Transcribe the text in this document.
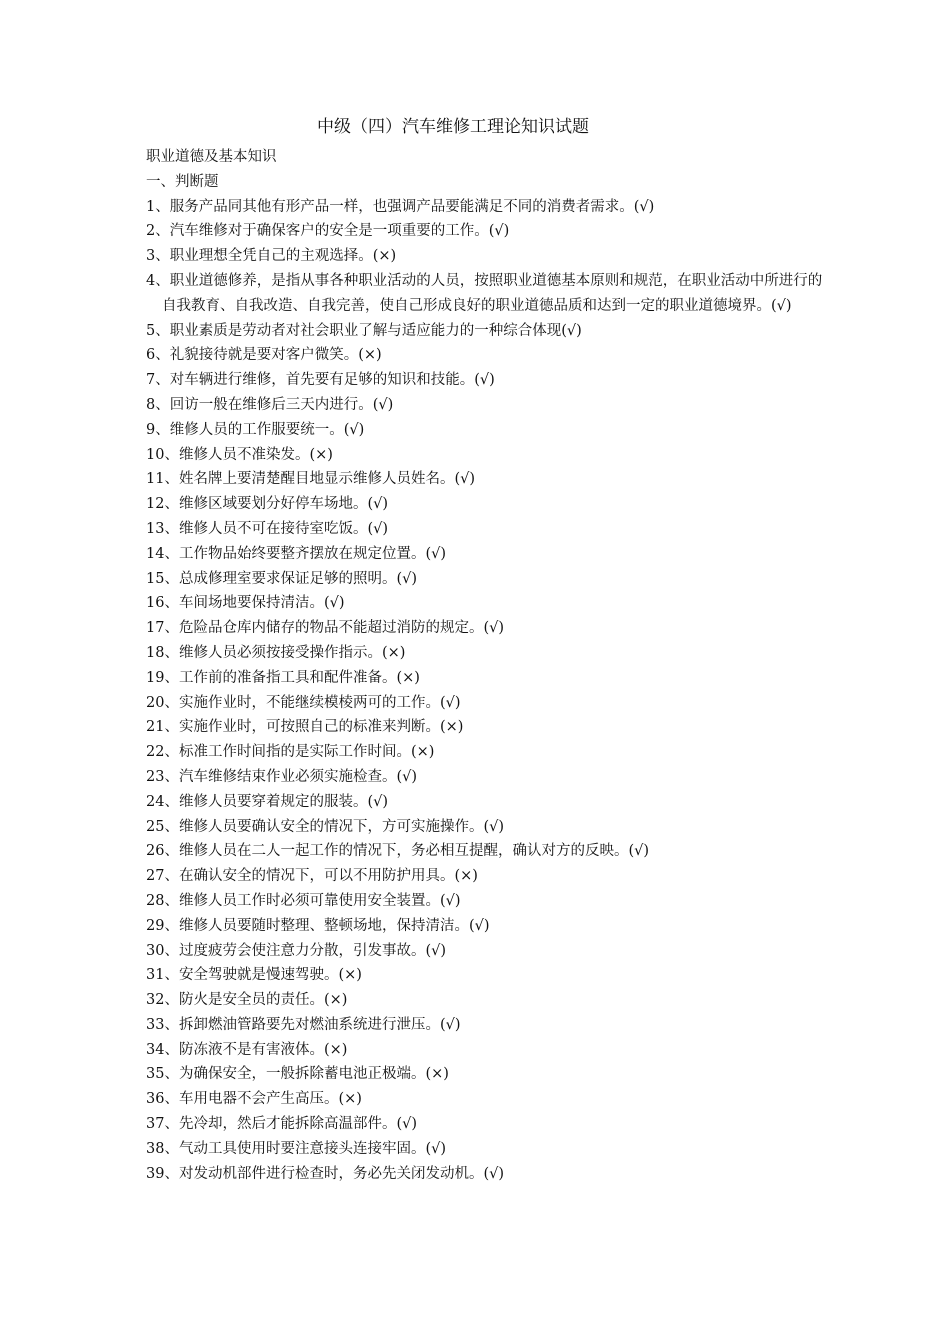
中级（四）汽车维修工理论知识试题
职业道德及基本知识
一、判断题
1、服务产品同其他有形产品一样，也强调产品要能满足不同的消费者需求。(√)
2、汽车维修对于确保客户的安全是一项重要的工作。(√)
3、职业理想全凭自己的主观选择。(×)
4、职业道德修养，是指从事各种职业活动的人员，按照职业道德基本原则和规范，在职业活动中所进行的自我教育、自我改造、自我完善，使自己形成良好的职业道德品质和达到一定的职业道德境界。(√)
5、职业素质是劳动者对社会职业了解与适应能力的一种综合体现(√)
6、礼貌接待就是要对客户微笑。(×)
7、对车辆进行维修，首先要有足够的知识和技能。(√)
8、回访一般在维修后三天内进行。(√)
9、维修人员的工作服要统一。(√)
10、维修人员不准染发。(×)
11、姓名牌上要清楚醒目地显示维修人员姓名。(√)
12、维修区域要划分好停车场地。(√)
13、维修人员不可在接待室吃饭。(√)
14、工作物品始终要整齐摆放在规定位置。(√)
15、总成修理室要求保证足够的照明。(√)
16、车间场地要保持清洁。(√)
17、危险品仓库内储存的物品不能超过消防的规定。(√)
18、维修人员必须按接受操作指示。(×)
19、工作前的准备指工具和配件准备。(×)
20、实施作业时，不能继续模棱两可的工作。(√)
21、实施作业时，可按照自己的标准来判断。(×)
22、标准工作时间指的是实际工作时间。(×)
23、汽车维修结束作业必须实施检查。(√)
24、维修人员要穿着规定的服装。(√)
25、维修人员要确认安全的情况下，方可实施操作。(√)
26、维修人员在二人一起工作的情况下，务必相互提醒，确认对方的反映。(√)
27、在确认安全的情况下，可以不用防护用具。(×)
28、维修人员工作时必须可靠使用安全装置。(√)
29、维修人员要随时整理、整顿场地，保持清洁。(√)
30、过度疲劳会使注意力分散，引发事故。(√)
31、安全驾驶就是慢速驾驶。(×)
32、防火是安全员的责任。(×)
33、拆卸燃油管路要先对燃油系统进行泄压。(√)
34、防冻液不是有害液体。(×)
35、为确保安全，一般拆除蓄电池正极端。(×)
36、车用电器不会产生高压。(×)
37、先冷却，然后才能拆除高温部件。(√)
38、气动工具使用时要注意接头连接牢固。(√)
39、对发动机部件进行检查时，务必先关闭发动机。(√)
